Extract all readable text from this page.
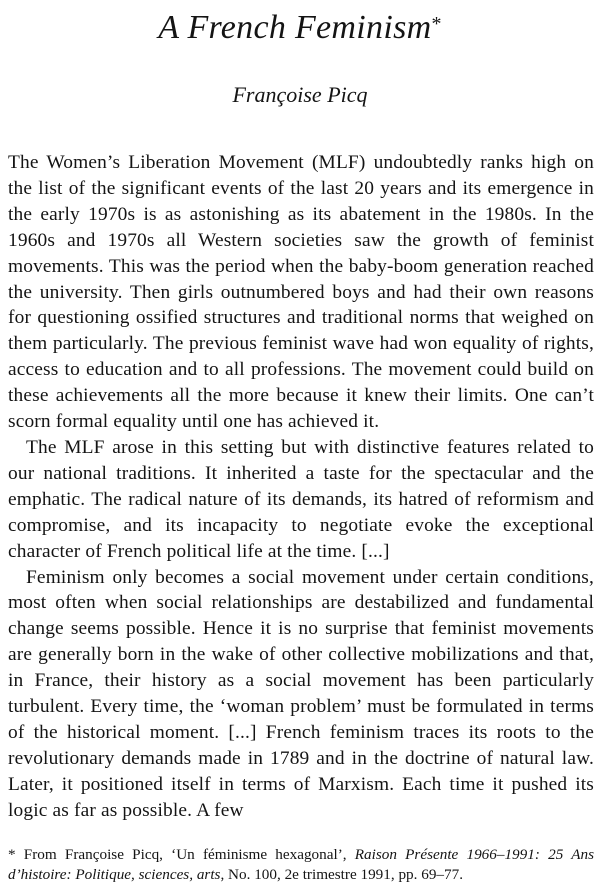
A French Feminism*
Françoise Picq

The Women’s Liberation Movement (MLF) undoubtedly ranks high on the list of the significant events of the last 20 years and its emergence in the early 1970s is as astonishing as its abatement in the 1980s. In the 1960s and 1970s all Western societies saw the growth of feminist movements. This was the period when the baby-boom generation reached the university. Then girls outnumbered boys and had their own reasons for questioning ossified structures and traditional norms that weighed on them particularly. The previous feminist wave had won equality of rights, access to education and to all professions. The movement could build on these achievements all the more because it knew their limits. One can’t scorn formal equality until one has achieved it.

The MLF arose in this setting but with distinctive features related to our national traditions. It inherited a taste for the spectacular and the emphatic. The radical nature of its demands, its hatred of reformism and compromise, and its incapacity to negotiate evoke the exceptional character of French political life at the time. [...]

Feminism only becomes a social movement under certain conditions, most often when social relationships are destabilized and fundamental change seems possible. Hence it is no surprise that feminist movements are generally born in the wake of other collective mobilizations and that, in France, their history as a social movement has been particularly turbulent. Every time, the ‘woman problem’ must be formulated in terms of the historical moment. [...] French feminism traces its roots to the revolutionary demands made in 1789 and in the doctrine of natural law. Later, it positioned itself in terms of Marxism. Each time it pushed its logic as far as possible. A few

* From Françoise Picq, ‘Un féminisme hexagonal’, Raison Présente 1966–1991: 25 Ans d’histoire: Politique, sciences, arts, No. 100, 2e trimestre 1991, pp. 69–77.
